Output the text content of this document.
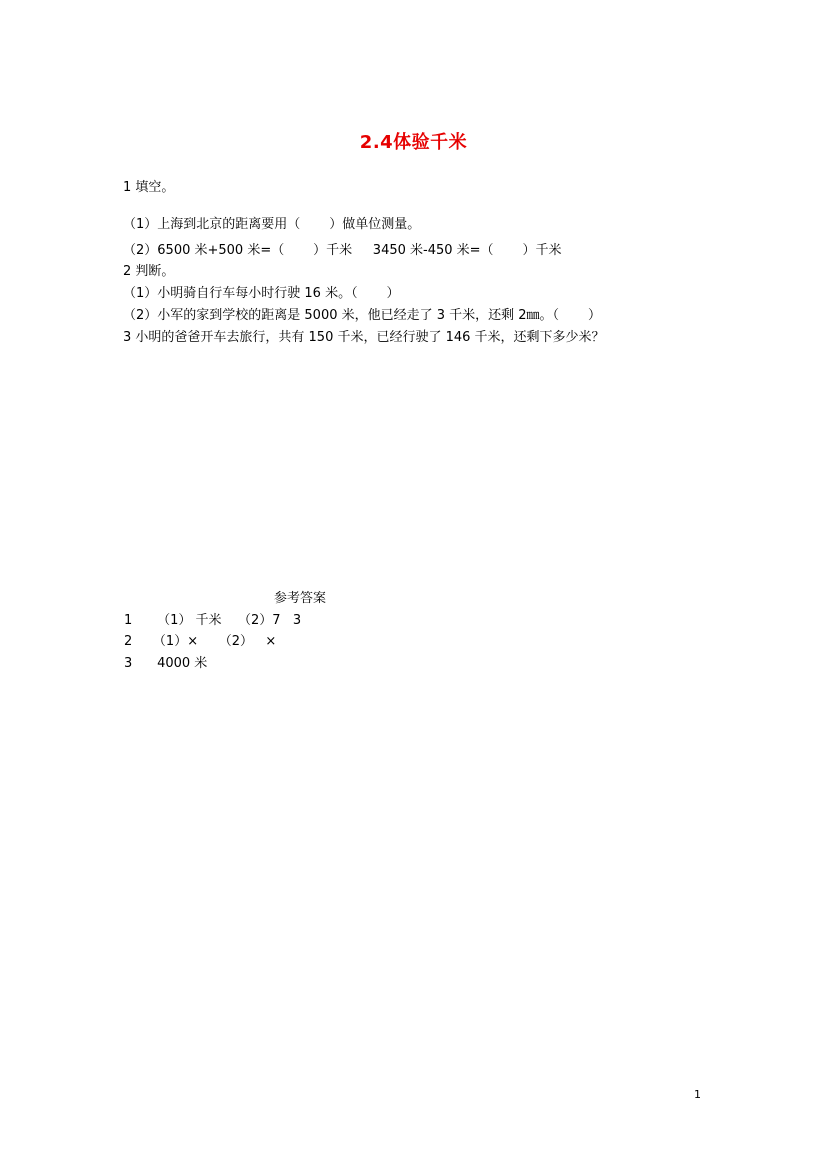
2.4体验千米
1 填空。
（1）上海到北京的距离要用（       ）做单位测量。
（2）6500 米+500 米=（       ）千米     3450 米-450 米=（       ）千米
2 判断。
（1）小明骑自行车每小时行驶 16 米。（       ）
（2）小军的家到学校的距离是 5000 米，他已经走了 3 千米，还剩 2㎜。（       ）
3 小明的爸爸开车去旅行，共有 150 千米，已经行驶了 146 千米，还剩下多少米？
参考答案
1      （1） 千米    （2）7   3
2     （1）×     （2）   ×
3      4000 米
1
